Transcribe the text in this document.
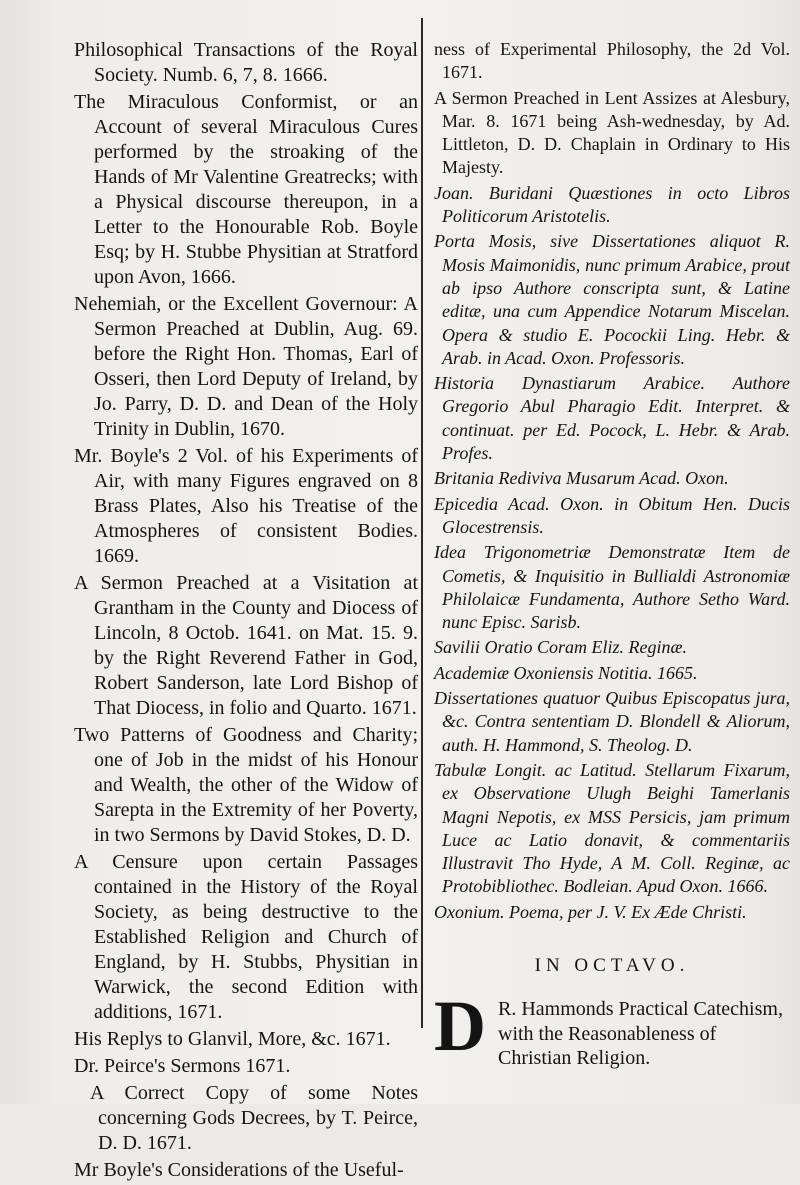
Philosophical Transactions of the Royal Society. Numb. 6, 7, 8. 1666.

The Miraculous Conformist, or an Account of several Miraculous Cures performed by the stroaking of the Hands of Mr Valentine Greatrecks; with a Physical discourse thereupon, in a Letter to the Honourable Rob. Boyle Esq; by H. Stubbe Physitian at Stratford upon Avon, 1666.

Nehemiah, or the Excellent Governour: A Sermon Preached at Dublin, Aug. 69. before the Right Hon. Thomas, Earl of Osseri, then Lord Deputy of Ireland, by Jo. Parry, D. D. and Dean of the Holy Trinity in Dublin, 1670.

Mr. Boyle's 2 Vol. of his Experiments of Air, with many Figures engraved on 8 Brass Plates, Also his Treatise of the Atmospheres of consistent Bodies. 1669.

A Sermon Preached at a Visitation at Grantham in the County and Diocess of Lincoln, 8 Octob. 1641. on Mat. 15. 9. by the Right Reverend Father in God, Robert Sanderson, late Lord Bishop of That Diocess, in folio and Quarto. 1671.

Two Patterns of Goodness and Charity; one of Job in the midst of his Honour and Wealth, the other of the Widow of Sarepta in the Extremity of her Poverty, in two Sermons by David Stokes, D. D.

A Censure upon certain Passages contained in the History of the Royal Society, as being destructive to the Established Religion and Church of England, by H. Stubbs, Physitian in Warwick, the second Edition with additions, 1671.

His Replys to Glanvil, More, &c. 1671.

Dr. Peirce's Sermons 1671.

A Correct Copy of some Notes concerning Gods Decrees, by T. Peirce, D. D. 1671.

Mr Boyle's Considerations of the Useful-

ness of Experimental Philosophy, the 2d Vol. 1671.

A Sermon Preached in Lent Assizes at Alesbury, Mar. 8. 1671 being Ash-wednesday, by Ad. Littleton, D. D. Chaplain in Ordinary to His Majesty.

Joan. Buridani Quæstiones in octo Libros Politicorum Aristotelis.

Porta Mosis, sive Dissertationes aliquot R. Mosis Maimonidis, nunc primum Arabice, prout ab ipso Authore conscripta sunt, & Latine editæ, una cum Appendice Notarum Miscelan. Opera & studio E. Pocockii Ling. Hebr. & Arab. in Acad. Oxon. Professoris.

Historia Dynastiarum Arabice. Authore Gregorio Abul Pharagio Edit. Interpret. & continuat. per Ed. Pocock, L. Hebr. & Arab. Profes.

Britania Rediviva Musarum Acad. Oxon.

Epicedia Acad. Oxon. in Obitum Hen. Ducis Glocestrensis.

Idea Trigonometriæ Demonstratæ Item de Cometis, & Inquisitio in Bullialdi Astronomiæ Philolaicæ Fundamenta, Authore Setho Ward. nunc Episc. Sarisb.

Savilii Oratio Coram Eliz. Reginæ.

Academiæ Oxoniensis Notitia. 1665.

Dissertationes quatuor Quibus Episcopatus jura, &c. Contra sententiam D. Blondell & Aliorum, auth. H. Hammond, S. Theolog. D.

Tabulæ Longit. ac Latitud. Stellarum Fixarum, ex Observatione Ulugh Beighi Tamerlanis Magni Nepotis, ex MSS Persicis, jam primum Luce ac Latio donavit, & commentariis Illustravit Tho Hyde, A M. Coll. Reginæ, ac Protobibliothec. Bodleian. Apud Oxon. 1666.

Oxonium. Poema, per J. V. Ex Æde Christi.

IN OCTAVO.
D R. Hammonds Practical Catechism, with the Reasonableness of Christian Religion.
